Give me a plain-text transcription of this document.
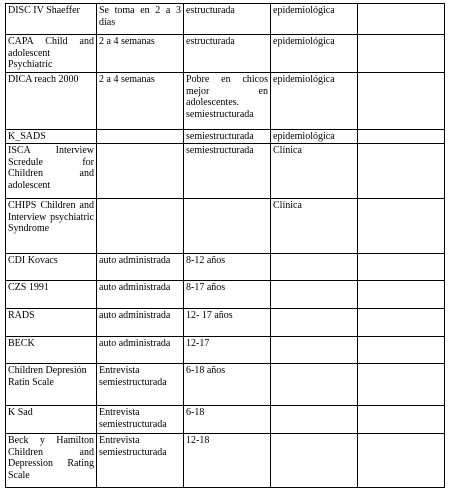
DISC IV Shaeffer	Se toma en 2 a 3 días	estructurada	epidemiológica	
CAPA Child and adolescent Psychiatric	2 a 4 semanas	estructurada	epidemiológica	
DICA reach 2000	2 a 4 semanas	Pobre en chicos mejor en adolescentes. semiestructurada	epidemiológica	
K_SADS		semiestructurada	epidemiológica	
ISCA Interview Scredule for Children and adolescent		semiestructurada	Clínica	
CHIPS Children and Interview psychiatric Syndrome			Clínica	
CDI Kovacs	auto administrada	8-12 años		
CZS 1991	auto administrada	8-17 años		
RADS	auto administrada	12- 17 años		
BECK	auto administrada	12-17		
Children Depresión Ratin Scale	Entrevista semiestructurada	6-18 años		
K Sad	Entrevista semiestructurada	6-18		
Beck y Hamilton Children and Depression Rating Scale	Entrevista semiestructurada	12-18		
